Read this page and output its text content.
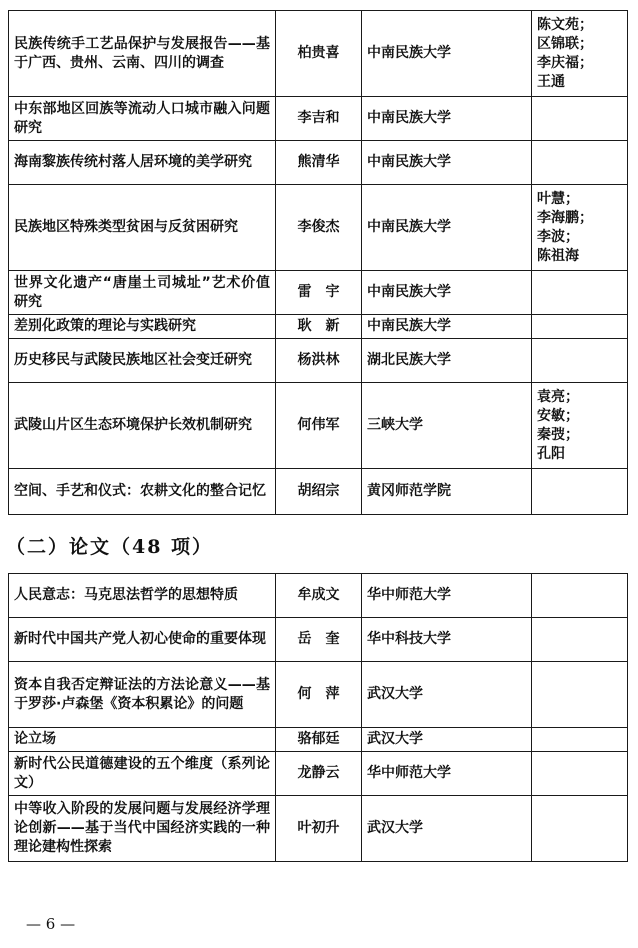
民族传统手工艺品保护与发展报告——基于广西、贵州、云南、四川的调查	柏贵喜	中南民族大学	陈文苑；
区锦联；
李庆福；
王通
中东部地区回族等流动人口城市融入问题研究	李吉和	中南民族大学	
海南黎族传统村落人居环境的美学研究	熊清华	中南民族大学	
民族地区特殊类型贫困与反贫困研究	李俊杰	中南民族大学	叶慧；
李海鹏；
李波；
陈祖海
世界文化遗产“唐崖土司城址”艺术价值研究	雷　宇	中南民族大学	
差别化政策的理论与实践研究	耿　新	中南民族大学	
历史移民与武陵民族地区社会变迁研究	杨洪林	湖北民族大学	
武陵山片区生态环境保护长效机制研究	何伟军	三峡大学	袁亮；
安敏；
秦弢；
孔阳
空间、手艺和仪式：农耕文化的整合记忆	胡绍宗	黄冈师范学院	
（二）论文（48 项）
人民意志：马克思法哲学的思想特质	牟成文	华中师范大学	
新时代中国共产党人初心使命的重要体现	岳　奎	华中科技大学	
资本自我否定辩证法的方法论意义——基于罗莎·卢森堡《资本积累论》的问题	何　萍	武汉大学	
论立场	骆郁廷	武汉大学	
新时代公民道德建设的五个维度（系列论文）	龙静云	华中师范大学	
中等收入阶段的发展问题与发展经济学理论创新——基于当代中国经济实践的一种理论建构性探索	叶初升	武汉大学	
— 6 —
